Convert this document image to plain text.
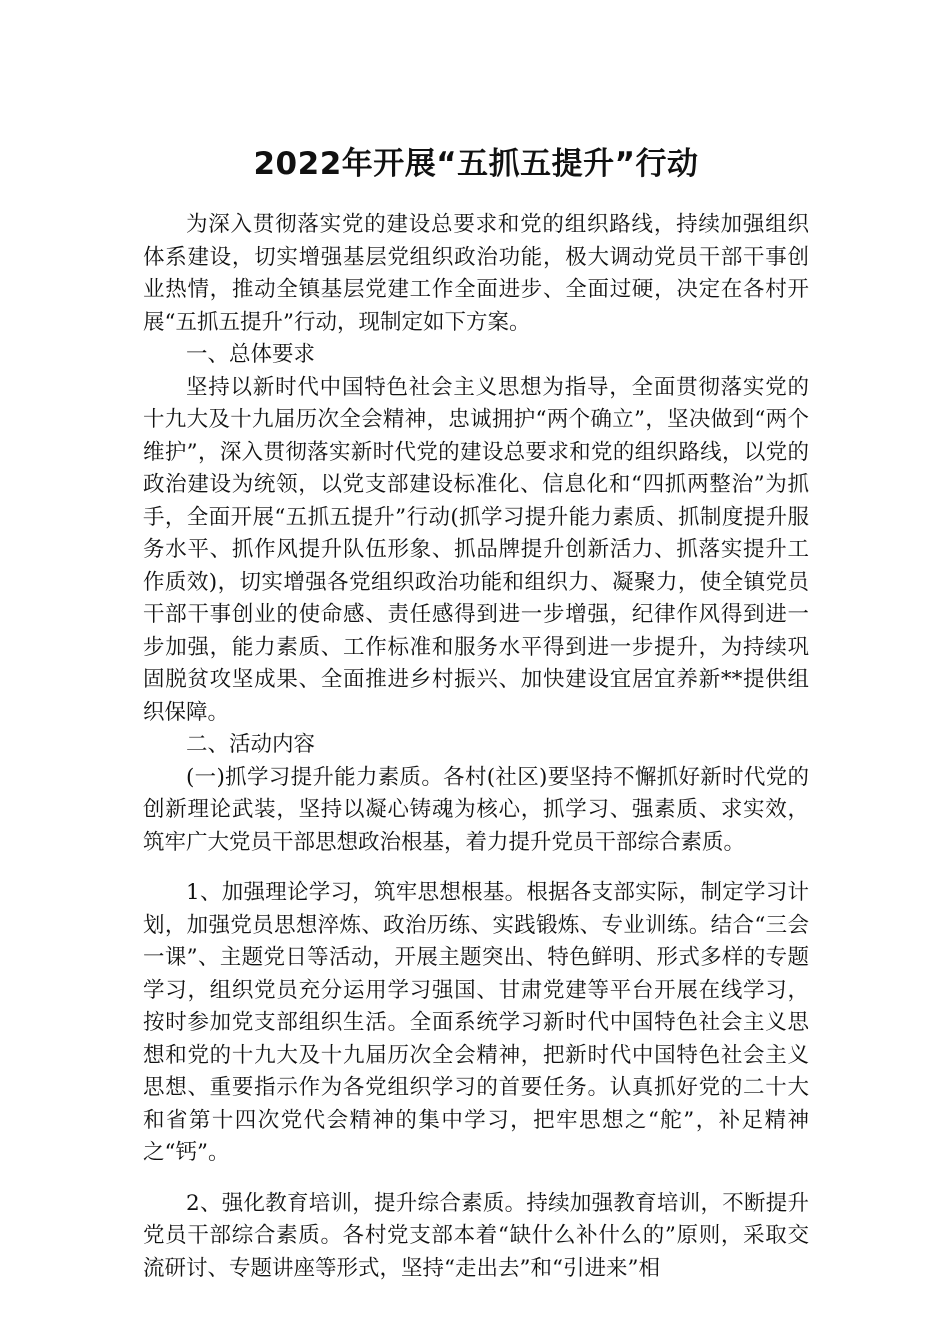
2022年开展“五抓五提升”行动

为深入贯彻落实党的建设总要求和党的组织路线，持续加强组织体系建设，切实增强基层党组织政治功能，极大调动党员干部干事创业热情，推动全镇基层党建工作全面进步、全面过硬，决定在各村开展“五抓五提升”行动，现制定如下方案。

一、总体要求

坚持以新时代中国特色社会主义思想为指导，全面贯彻落实党的十九大及十九届历次全会精神，忠诚拥护“两个确立”，坚决做到“两个维护”，深入贯彻落实新时代党的建设总要求和党的组织路线，以党的政治建设为统领，以党支部建设标准化、信息化和“四抓两整治”为抓手，全面开展“五抓五提升”行动(抓学习提升能力素质、抓制度提升服务水平、抓作风提升队伍形象、抓品牌提升创新活力、抓落实提升工作质效)，切实增强各党组织政治功能和组织力、凝聚力，使全镇党员干部干事创业的使命感、责任感得到进一步增强，纪律作风得到进一步加强，能力素质、工作标准和服务水平得到进一步提升，为持续巩固脱贫攻坚成果、全面推进乡村振兴、加快建设宜居宜养新**提供组织保障。

二、活动内容

(一)抓学习提升能力素质。各村(社区)要坚持不懈抓好新时代党的创新理论武装，坚持以凝心铸魂为核心，抓学习、强素质、求实效，筑牢广大党员干部思想政治根基，着力提升党员干部综合素质。

1、加强理论学习，筑牢思想根基。根据各支部实际，制定学习计划，加强党员思想淬炼、政治历练、实践锻炼、专业训练。结合“三会一课”、主题党日等活动，开展主题突出、特色鲜明、形式多样的专题学习，组织党员充分运用学习强国、甘肃党建等平台开展在线学习，按时参加党支部组织生活。全面系统学习新时代中国特色社会主义思想和党的十九大及十九届历次全会精神，把新时代中国特色社会主义思想、重要指示作为各党组织学习的首要任务。认真抓好党的二十大和省第十四次党代会精神的集中学习，把牢思想之“舵”，补足精神之“钙”。

2、强化教育培训，提升综合素质。持续加强教育培训，不断提升党员干部综合素质。各村党支部本着“缺什么补什么的”原则，采取交流研讨、专题讲座等形式，坚持“走出去”和“引进来”相
